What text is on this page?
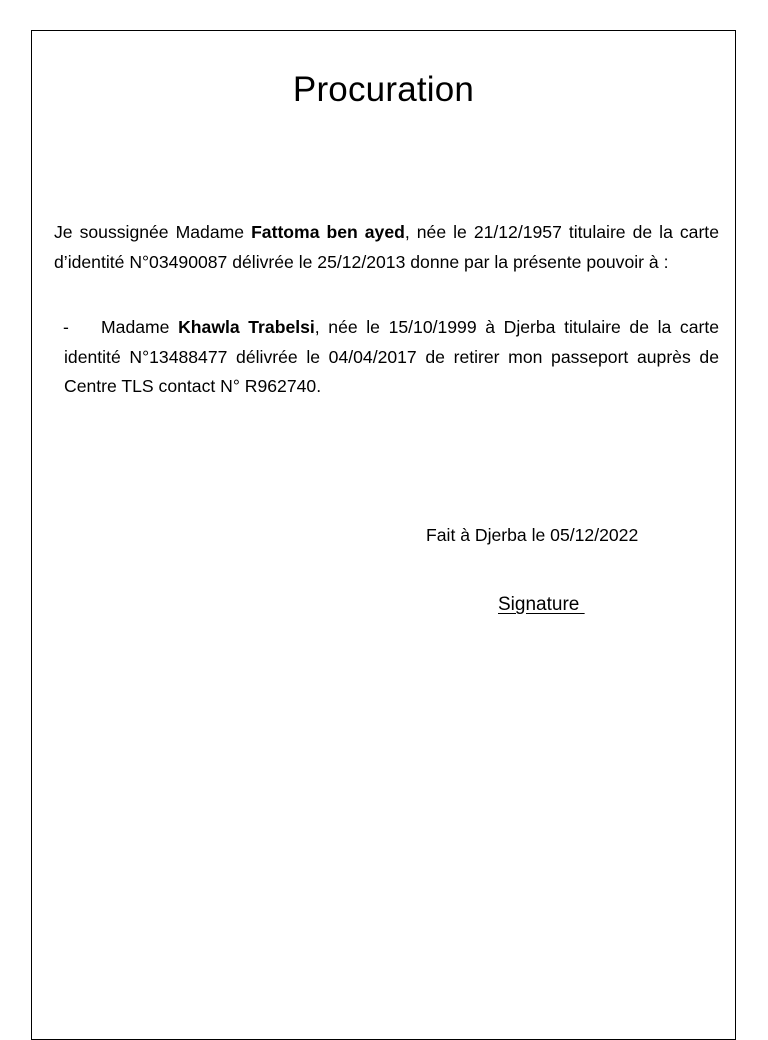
Procuration

Je soussignée Madame Fattoma ben ayed, née le 21/12/1957 titulaire de la carte d’identité N°03490087 délivrée le 25/12/2013 donne par la présente pouvoir à :

- Madame Khawla Trabelsi, née le 15/10/1999 à Djerba titulaire de la carte identité N°13488477 délivrée le 04/04/2017 de retirer mon passeport auprès de Centre TLS contact N° R962740.
Fait à Djerba le 05/12/2022
Signature
